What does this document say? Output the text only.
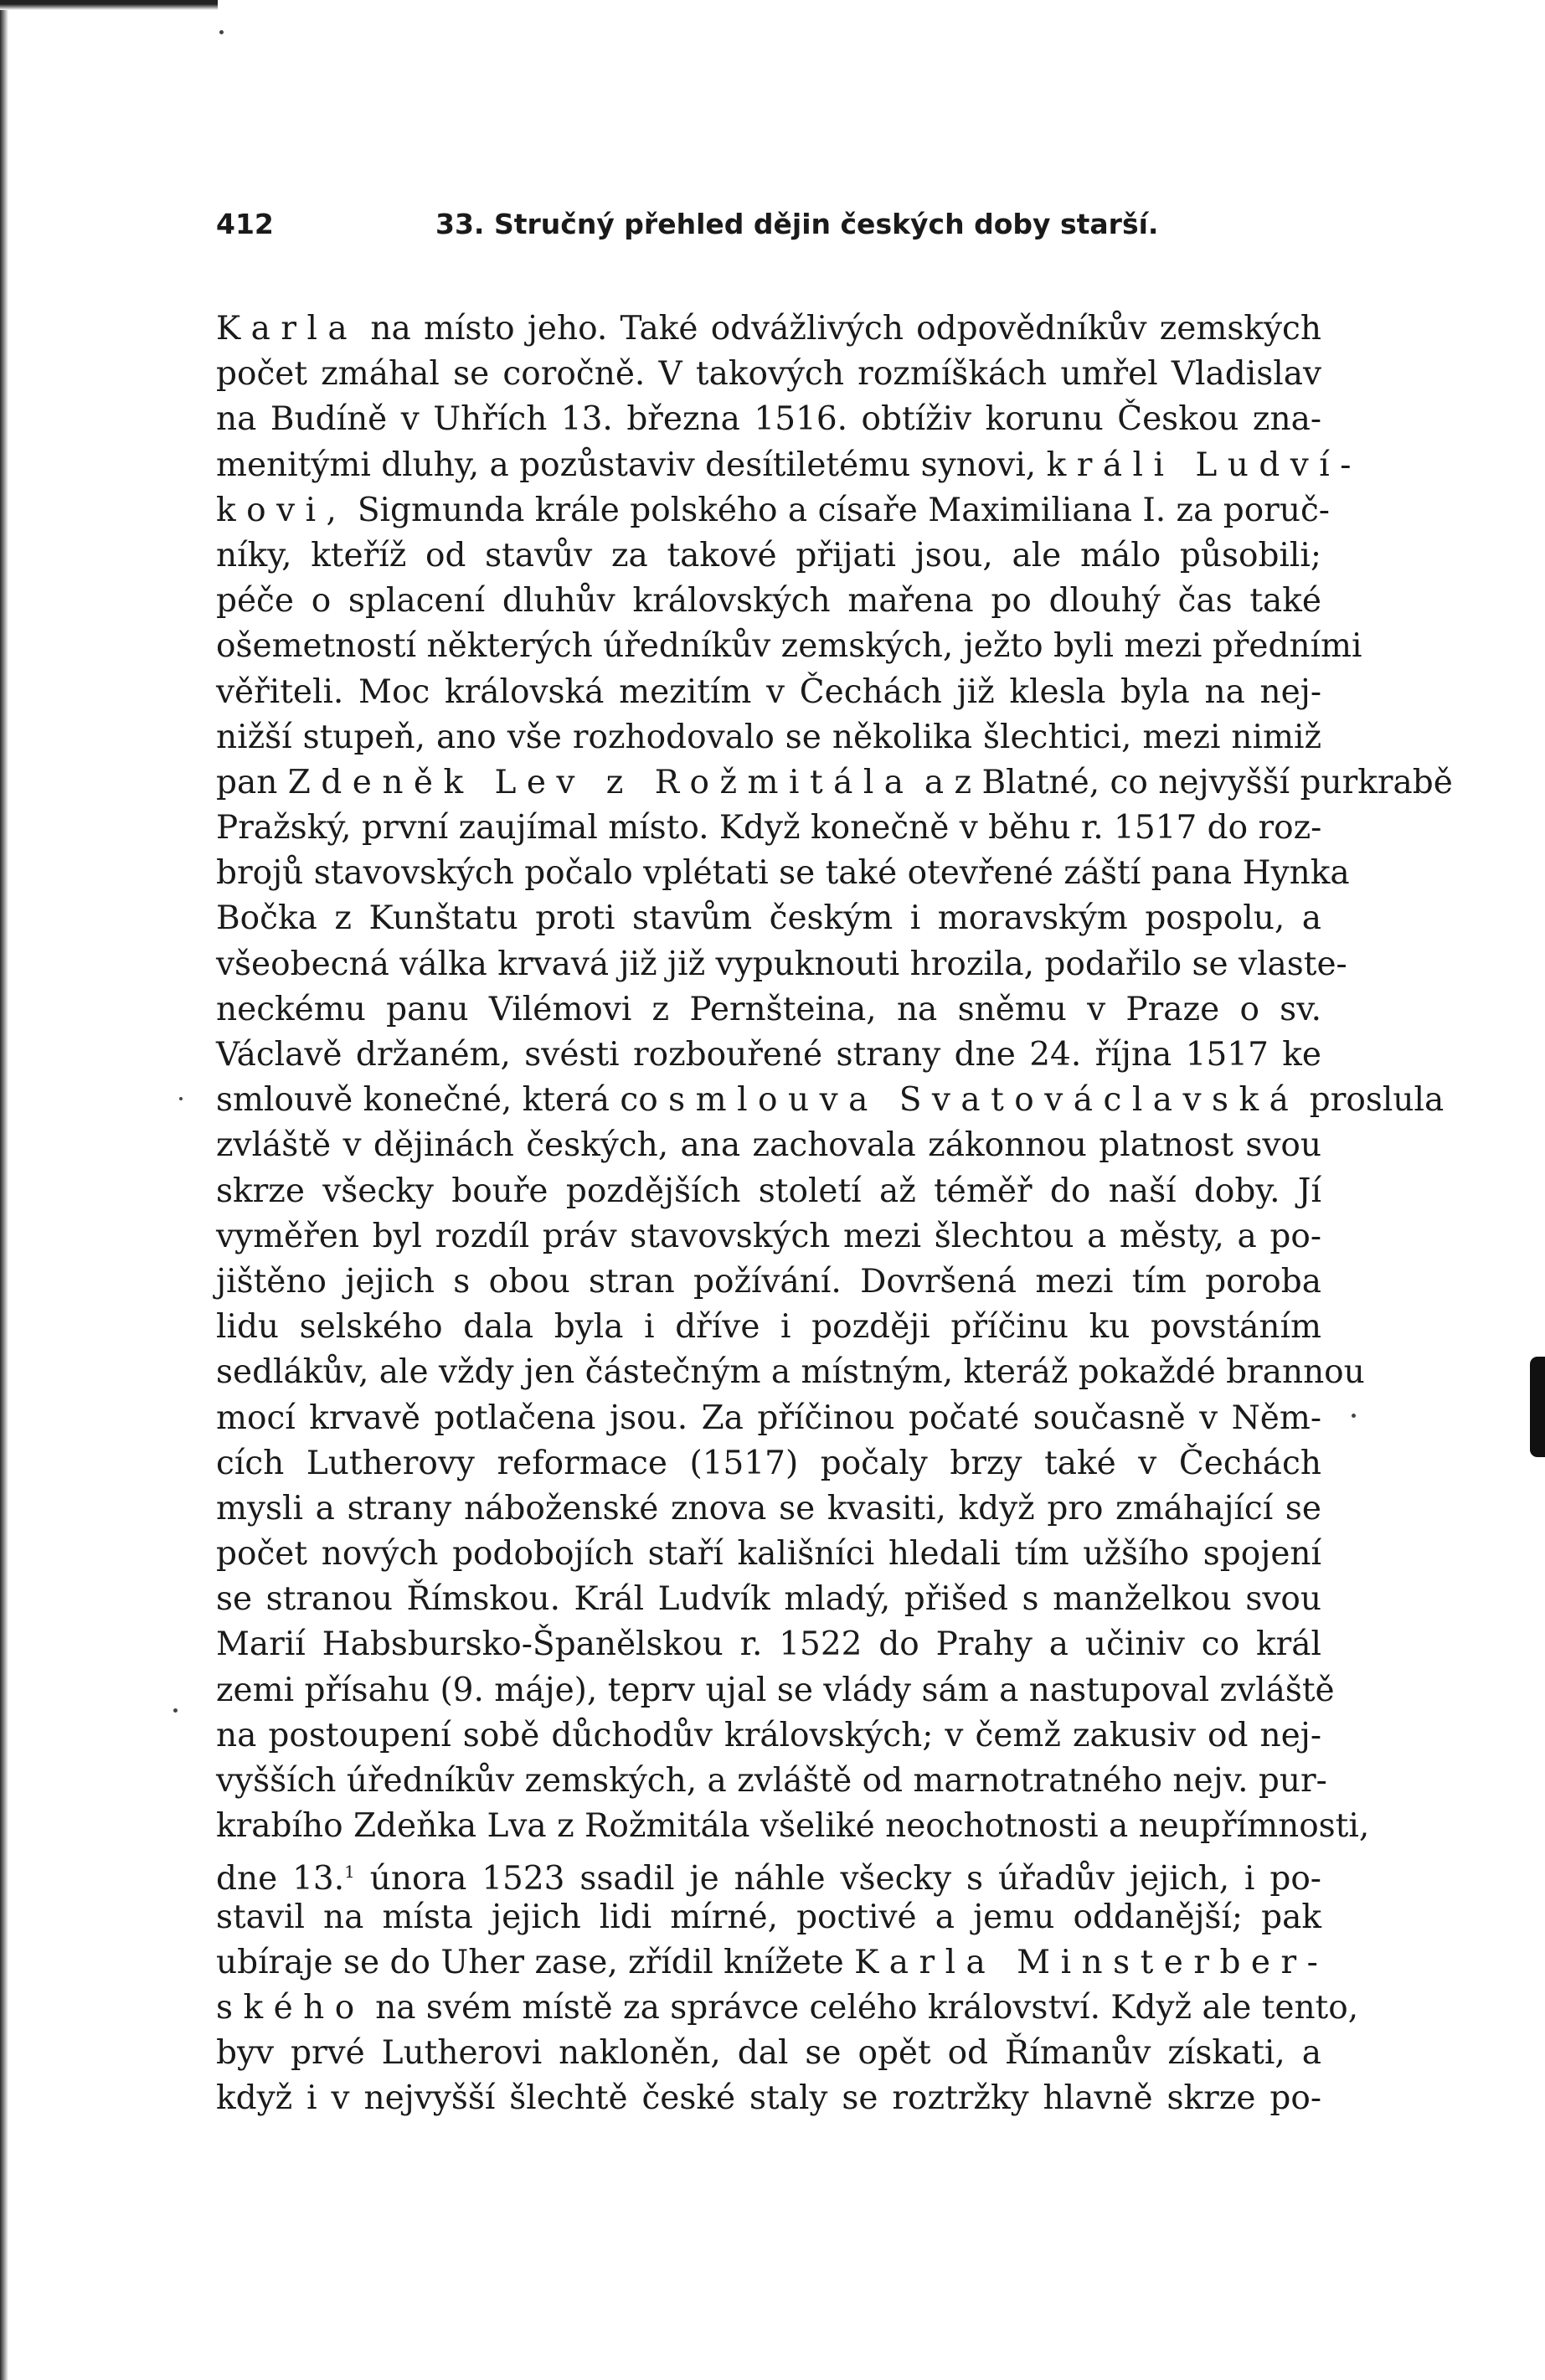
412	33. Stručný přehled dějin českých doby starší.
Karla na místo jeho. Také odvážlivých odpovědníkův zemských
počet zmáhal se coročně. V takových rozmíškách umřel Vladislav
na Budíně v Uhřích 13. března 1516. obtíživ korunu Českou zna-
menitými dluhy, a pozůstaviv desítiletému synovi, králi Ludví-
kovi, Sigmunda krále polského a císaře Maximiliana I. za poruč-
níky, kteříž od stavův za takové přijati jsou, ale málo působili;
péče o splacení dluhův královských mařena po dlouhý čas také
ošemetností některých úředníkův zemských, ježto byli mezi předními
věřiteli. Moc královská mezitím v Čechách již klesla byla na nej-
nižší stupeň, ano vše rozhodovalo se několika šlechtici, mezi nimiž
pan Zdeněk Lev z Rožmitála a z Blatné, co nejvyšší purkrabě
Pražský, první zaujímal místo. Když konečně v běhu r. 1517 do roz-
brojů stavovských počalo vplétati se také otevřené záští pana Hynka
Bočka z Kunštatu proti stavům českým i moravským pospolu, a
všeobecná válka krvavá již již vypuknouti hrozila, podařilo se vlaste-
neckému panu Vilémovi z Pernšteina, na sněmu v Praze o sv.
Václavě držaném, svésti rozbouřené strany dne 24. října 1517 ke
smlouvě konečné, která co smlouva Svatováclavská proslula
zvláště v dějinách českých, ana zachovala zákonnou platnost svou
skrze všecky bouře pozdějších století až téměř do naší doby. Jí
vyměřen byl rozdíl práv stavovských mezi šlechtou a městy, a po-
jištěno jejich s obou stran požívání. Dovršená mezi tím poroba
lidu selského dala byla i dříve i později příčinu ku povstáním
sedlákův, ale vždy jen částečným a místným, kteráž pokaždé brannou
mocí krvavě potlačena jsou. Za příčinou počaté současně v Něm-
cích Lutherovy reformace (1517) počaly brzy také v Čechách
mysli a strany náboženské znova se kvasiti, když pro zmáhající se
počet nových podobojích staří kališníci hledali tím užšího spojení
se stranou Římskou. Král Ludvík mladý, přišed s manželkou svou
Marií Habsbursko-Španělskou r. 1522 do Prahy a učiniv co král
zemi přísahu (9. máje), teprv ujal se vlády sám a nastupoval zvláště
na postoupení sobě důchodův královských; v čemž zakusiv od nej-
vyšších úředníkův zemských, a zvláště od marnotratného nejv. pur-
krabího Zdeňka Lva z Rožmitála všeliké neochotnosti a neupřímnosti,
dne 13.$^1$ února 1523 ssadil je náhle všecky s úřadův jejich, i po-
stavil na místa jejich lidi mírné, poctivé a jemu oddanější; pak
ubíraje se do Uher zase, zřídil knížete Karla Minsterber-
ského na svém místě za správce celého království. Když ale tento,
byv prvé Lutherovi nakloněn, dal se opět od Římanův získati, a
když i v nejvyšší šlechtě české staly se roztržky hlavně skrze po-
